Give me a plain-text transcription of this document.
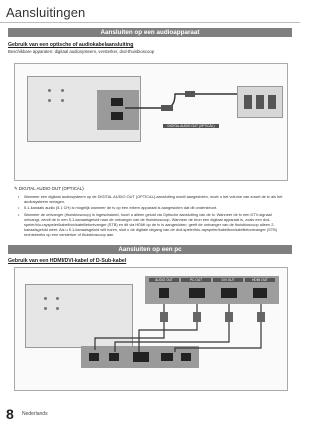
Aansluitingen
Aansluiten op een audioapparaat
Gebruik van een optische of audiokabelaansluiting
Beschikbare apparaten: digitaal audiosysteem, versterker, dvd-thuisbioscoop
DIGITAL AUDIO OUT (OPTICAL)
✎ DIGITAL AUDIO OUT (OPTICAL)
• Wanneer een digitaal audiosysteem op de DIGITAL AUDIO OUT (OPTICAL)-aansluiting wordt aangesloten, moet u het volume van zowel de tv als het audiosysteem verlagen.
• 5.1-kanaals audio (5.1 CH) is mogelijk wanneer de tv op een extern apparaat is aangesloten dat dit ondersteunt.
• Wanneer de ontvanger (thuisbioscoop) is ingeschakeld, hoort u alleen geluid via Optische aansluiting van de tv. Wanneer de tv een DTV-signaal ontvangt, zendt de tv een 5.1-kanaalsgeluid naar de ontvanger van de thuisbioscoop. Wanneer de bron een digitaal apparaat is, zoals een dvd-speler/blu-rayspeler/kabelbox/satellietontvanger (STB) en dit via HDMI op de tv is aangesloten, geeft de ontvanger van de thuisbioscoop alleen 2-kanaalsgeluid weer. Als u 5.1-kanaalsgeluid wilt horen, sluit u de digitale uitgang van de dvd-speler/blu-rayspeler/kabelbox/satellietontvanger (STB) rechtstreeks op een versterker of thuisbioscoop aan.
Aansluiten op een pc
Gebruik van een HDMI/DVI-kabel of D-Sub-kabel
AUDIO OUT	PC OUT	DVI OUT	HDMI OUT
8 Nederlands
